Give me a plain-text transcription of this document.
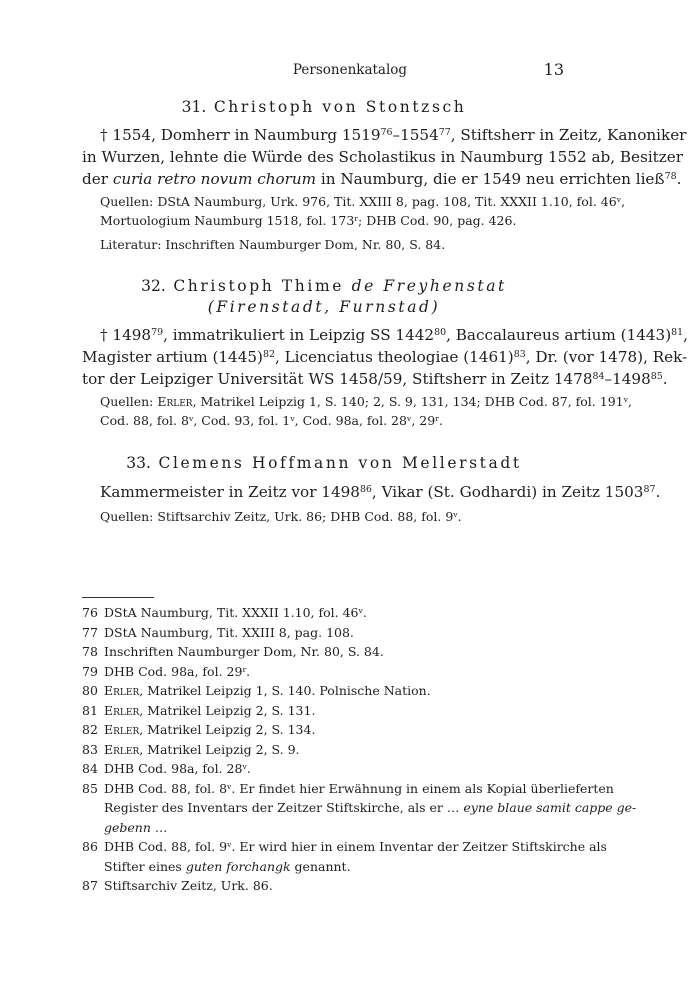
Personenkatalog	13
31. Christoph von Stontzsch
† 1554, Domherr in Naumburg 1519$^{76}$–1554$^{77}$, Stiftsherr in Zeitz, Kanoniker
in Wurzen, lehnte die Würde des Scholastikus in Naumburg 1552 ab, Besitzer
der curia retro novum chorum in Naumburg, die er 1549 neu errichten ließ$^{78}$.
Quellen: DStA Naumburg, Urk. 976, Tit. XXIII 8, pag. 108, Tit. XXXII 1.10, fol. 46$^v$,
Mortuologium Naumburg 1518, fol. 173$^r$; DHB Cod. 90, pag. 426.
Literatur: Inschriften Naumburger Dom, Nr. 80, S. 84.
32. Christoph Thime de Freyhenstat
(Firenstadt, Furnstad)
† 1498$^{79}$, immatrikuliert in Leipzig SS 1442$^{80}$, Baccalaureus artium $(1443)^{81}$,
Magister artium $(1445)^{82}$, Licenciatus theologiae $(1461)^{83}$, Dr. (vor 1478), Rek-
tor der Leipziger Universität WS 1458/59, Stiftsherr in Zeitz 1478$^{84}$–1498$^{85}$.
Quellen: Erler, Matrikel Leipzig 1, S. 140; 2, S. 9, 131, 134; DHB Cod. 87, fol. 191$^v$,
Cod. 88, fol. 8$^v$, Cod. 93, fol. 1$^v$, Cod. 98a, fol. 28$^v$, 29$^r$.
33. Clemens Hoffmann von Mellerstadt
Kammermeister in Zeitz vor 1498$^{86}$, Vikar (St. Godhardi) in Zeitz 1503$^{87}$.
Quellen: Stiftsarchiv Zeitz, Urk. 86; DHB Cod. 88, fol. 9$^v$.
76 DStA Naumburg, Tit. XXXII 1.10, fol. 46$^v$.
77 DStA Naumburg, Tit. XXIII 8, pag. 108.
78 Inschriften Naumburger Dom, Nr. 80, S. 84.
79 DHB Cod. 98a, fol. 29$^r$.
80 Erler, Matrikel Leipzig 1, S. 140. Polnische Nation.
81 Erler, Matrikel Leipzig 2, S. 131.
82 Erler, Matrikel Leipzig 2, S. 134.
83 Erler, Matrikel Leipzig 2, S. 9.
84 DHB Cod. 98a, fol. 28$^v$.
85 DHB Cod. 88, fol. 8$^v$. Er findet hier Erwähnung in einem als Kopial überlieferten
Register des Inventars der Zeitzer Stiftskirche, als er … eyne blaue samit cappe ge-
gebenn …
86 DHB Cod. 88, fol. 9$^v$. Er wird hier in einem Inventar der Zeitzer Stiftskirche als
Stifter eines guten forchangk genannt.
87 Stiftsarchiv Zeitz, Urk. 86.
